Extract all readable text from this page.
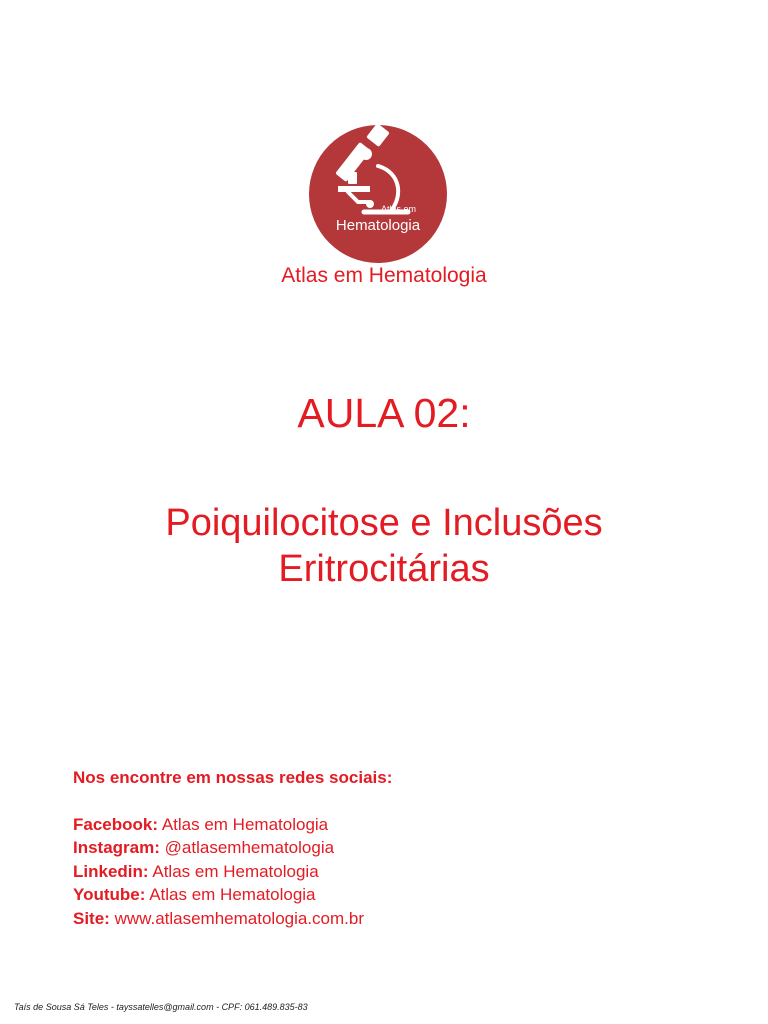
Atlas em
Hematologia
Atlas em Hematologia
AULA 02:
Poiquilocitose e Inclusões
Eritrocitárias
Nos encontre em nossas redes sociais:
Facebook: Atlas em Hematologia
Instagram: @atlasemhematologia
Linkedin: Atlas em Hematologia
Youtube: Atlas em Hematologia
Site: www.atlasemhematologia.com.br
Taís de Sousa Sá Teles - tayssatelles@gmail.com - CPF: 061.489.835-83
